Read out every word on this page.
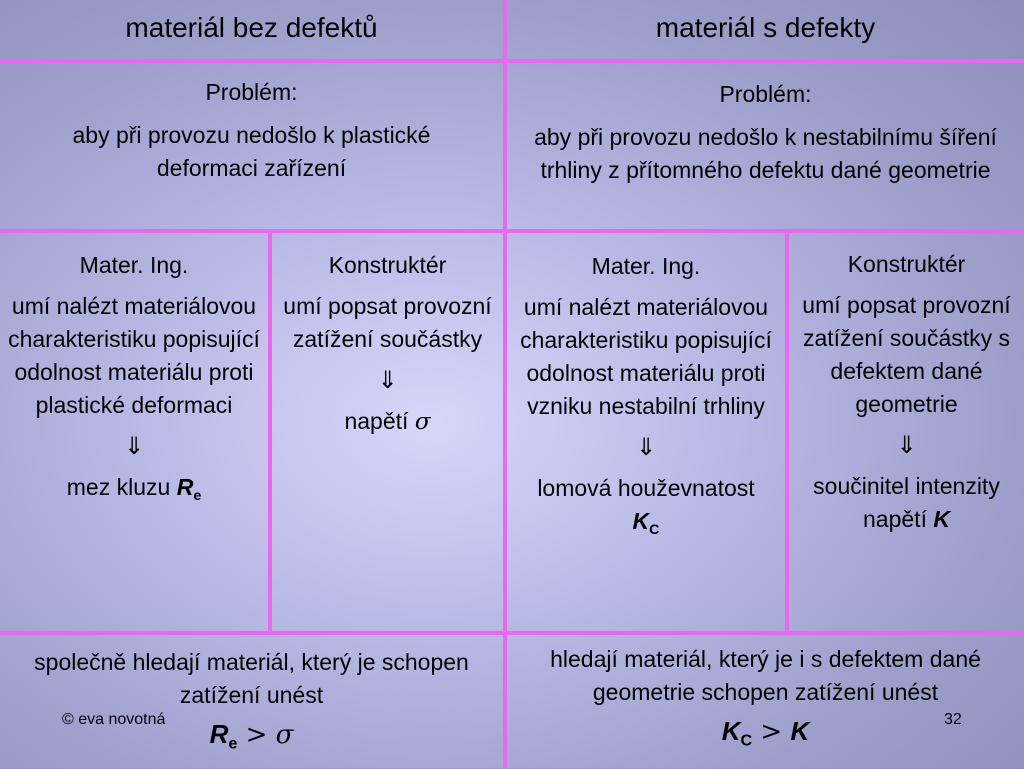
materiál bez defektů	materiál s defekty

Problém:

aby při provozu nedošlo k plastické deformaci zařízení

Problém:

aby při provozu nedošlo k nestabilnímu šíření trhliny z přítomného defektu dané geometrie

Mater. Ing.

umí nalézt materiálovou charakteristiku popisující odolnost materiálu proti plastické deformaci

⇓

mez kluzu $R_e$

Konstruktér

umí popsat provozní zatížení součástky

⇓

napětí σ

Mater. Ing.

umí nalézt materiálovou charakteristiku popisující odolnost materiálu proti vzniku nestabilní trhliny

⇓

lomová houževnatost

$K_C$

Konstruktér

umí popsat provozní zatížení součástky s defektem dané geometrie

⇓

součinitel intenzity napětí K

společně hledají materiál, který je schopen zatížení unést

$R_e > \sigma$

hledají materiál, který je i s defektem dané geometrie schopen zatížení unést

$K_C > K$

© eva novotná	32
